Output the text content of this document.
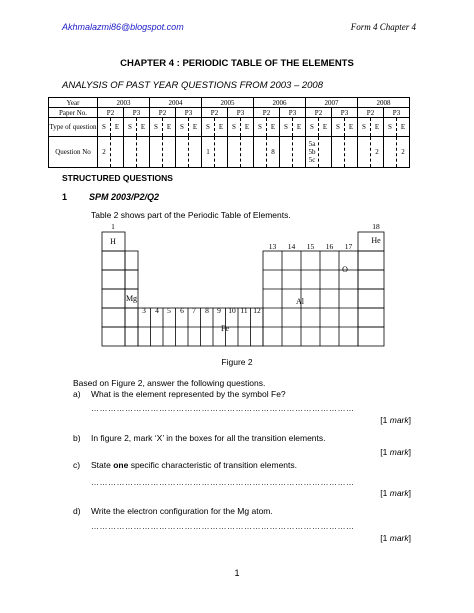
Akhmalazmi86@blogspot.com	Form 4 Chapter 4
CHAPTER 4 : PERIODIC TABLE OF THE ELEMENTS
ANALYSIS OF PAST YEAR QUESTIONS FROM 2003 – 2008
Year	2003		2004		2005		2006		2007		2008	
Paper No.	P2	P3	P2	P3	P2	P3	P2	P3	P2	P3	P2	P3
Type of question	S E	S E	S E	S E	S E	S E	S E	S E	S E	S E	S E	S E

Question No	2				1		8		5a
5b
5c		2	2
STRUCTURED QUESTIONS
1 SPM 2003/P2/Q2
Table 2 shows part of the Periodic Table of Elements.
1	18
13 14 15 16 17
3 4 5 6 7 8 9 10 11 12
H	He
Mg	Al
O
Fe
Figure 2
Based on Figure 2, answer the following questions.
a) What is the element represented by the symbol Fe?
…………………………………………………………………………………
[1 mark]
b) In figure 2, mark ‘X’ in the boxes for all the transition elements.
[1 mark]
c) State one specific characteristic of transition elements.
…………………………………………………………………………………
[1 mark]
d) Write the electron configuration for the Mg atom.
…………………………………………………………………………………
[1 mark]
1
